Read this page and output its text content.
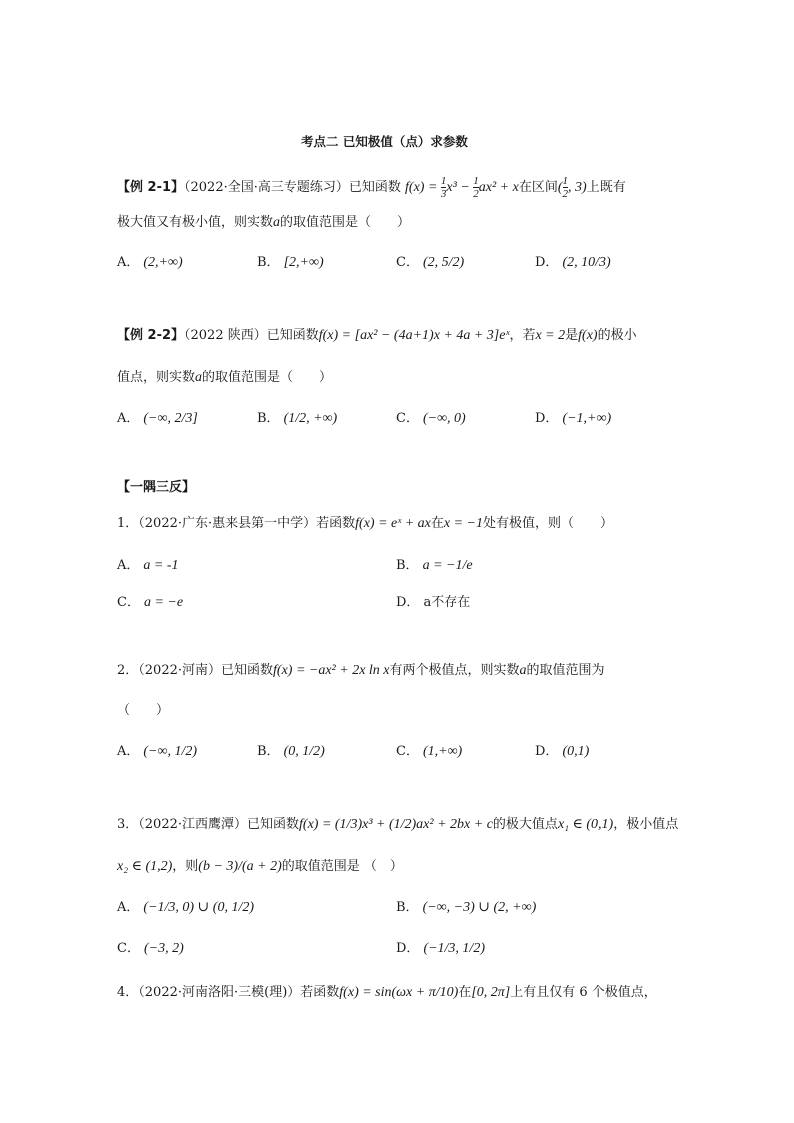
考点二 已知极值（点）求参数
【例 2-1】（2022·全国·高三专题练习）已知函数 f(x) = 1

3 x³ − 1

2 ax² + x在区间(1

2 , 3)上既有
极大值又有极小值，则实数a的取值范围是（　　）
A． (2,+∞)	B． [2,+∞)	C． (2, 5/2)	D． (2, 10/3)
【例 2-2】（2022 陕西）已知函数f(x) = [ax² − (4a+1)x + 4a + 3]eˣ，若x = 2是f(x)的极小
值点，则实数a的取值范围是（　　）
A． (−∞, 2/3]	B． (1/2, +∞)	C． (−∞, 0)	D． (−1,+∞)
【一隅三反】
1．（2022·广东·惠来县第一中学）若函数f(x) = eˣ + ax在x = −1处有极值，则（　　）
A． a = -1	B． a = −1/e
C． a = −e	D． a不存在
2．（2022·河南）已知函数f(x) = −ax² + 2x ln x有两个极值点，则实数a的取值范围为
（　　）
A． (−∞, 1/2)	B． (0, 1/2)	C． (1,+∞)	D． (0,1)
3．（2022·江西鹰潭）已知函数f(x) = (1/3)x³ + (1/2)ax² + 2bx + c的极大值点x₁ ∈ (0,1)，极小值点
x₂ ∈ (1,2)，则(b − 3)/(a + 2)的取值范围是 （　）
A． (−1/3, 0) ∪ (0, 1/2)	B． (−∞, −3) ∪ (2, +∞)
C． (−3, 2)	D． (−1/3, 1/2)
4．（2022·河南洛阳·三模(理)）若函数f(x) = sin(ωx + π/10)在[0, 2π]上有且仅有 6 个极值点，
